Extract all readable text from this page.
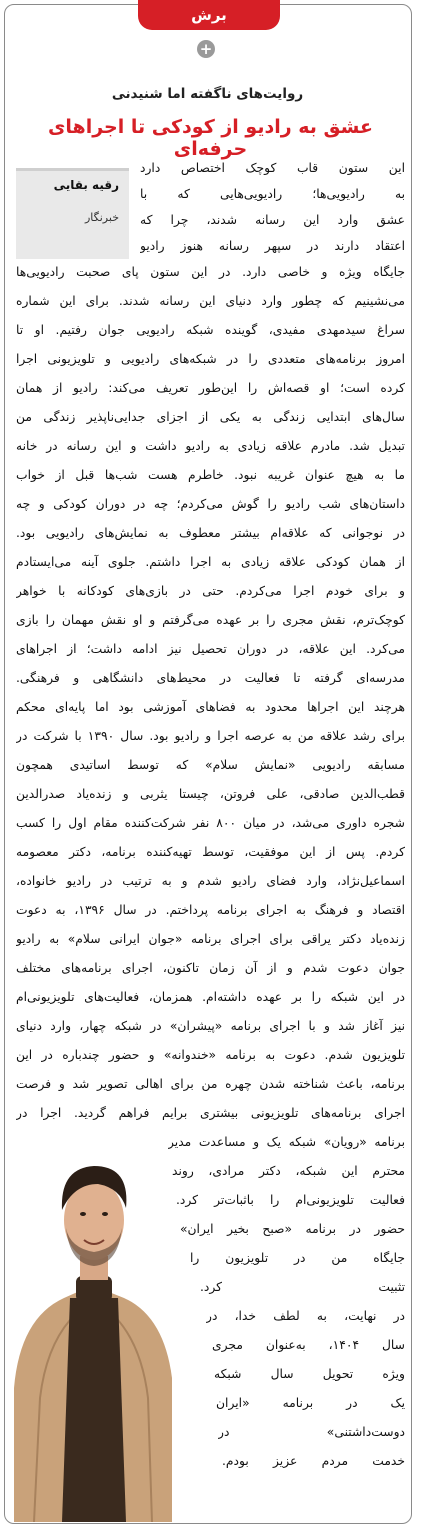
برش
+
روایت‌های ناگفته اما شنیدنی
عشق به رادیو از کودکی تا اجراهای حرفه‌ای
رقیه بقایی
خبرنگار
این ستون قاب کوچک اختصاص دارد
به رادیویی‌ها؛ رادیویی‌هایی که با
عشق وارد این رسانه شدند، چرا که
اعتقاد دارند در سپهر رسانه هنوز رادیو
جایگاه ویژه و خاصی دارد. در این ستون پای صحبت رادیویی‌ها
می‌نشینیم که چطور وارد دنیای این رسانه شدند. برای این شماره
سراغ سیدمهدی مفیدی، گوینده شبکه رادیویی جوان رفتیم. او تا
امروز برنامه‌های متعددی را در شبکه‌های رادیویی و تلویزیونی اجرا
کرده است؛ او قصه‌اش را این‌طور تعریف می‌کند: رادیو از همان
سال‌های ابتدایی زندگی به یکی از اجزای جدایی‌ناپذیر زندگی من
تبدیل شد. مادرم علاقه زیادی به رادیو داشت و این رسانه در خانه
ما به هیچ عنوان غریبه نبود. خاطرم هست شب‌ها قبل از خواب
داستان‌های شب رادیو را گوش می‌کردم؛ چه در دوران کودکی و چه
در نوجوانی که علاقه‌ام بیشتر معطوف به نمایش‌های رادیویی بود.
از همان کودکی علاقه زیادی به اجرا داشتم. جلوی آینه می‌ایستادم
و برای خودم اجرا می‌کردم. حتی در بازی‌های کودکانه با خواهر
کوچک‌ترم، نقش مجری را بر عهده می‌گرفتم و او نقش مهمان را بازی
می‌کرد. این علاقه، در دوران تحصیل نیز ادامه داشت؛ از اجراهای
مدرسه‌ای گرفته تا فعالیت در محیط‌های دانشگاهی و فرهنگی.
هرچند این اجراها محدود به فضاهای آموزشی بود اما پایه‌ای محکم
برای رشد علاقه من به عرصه اجرا و رادیو بود. سال ۱۳۹۰ با شرکت در
مسابقه رادیویی «نمایش سلام» که توسط اساتیدی همچون
قطب‌الدین صادقی، علی فروتن، چیستا یثربی و زنده‌یاد صدرالدین
شجره داوری می‌شد، در میان ۸۰۰ نفر شرکت‌کننده مقام اول را کسب
کردم. پس از این موفقیت، توسط تهیه‌کننده برنامه، دکتر معصومه
اسماعیل‌نژاد، وارد فضای رادیو شدم و به ترتیب در رادیو خانواده،
اقتصاد و فرهنگ به اجرای برنامه پرداختم. در سال ۱۳۹۶، به دعوت
زنده‌یاد دکتر یراقی برای اجرای برنامه «جوان ایرانی سلام» به رادیو
جوان دعوت شدم و از آن زمان تاکنون، اجرای برنامه‌های مختلف
در این شبکه را بر عهده داشته‌ام. همزمان، فعالیت‌های تلویزیونی‌ام
نیز آغاز شد و با اجرای برنامه «پیشران» در شبکه چهار، وارد دنیای
تلویزیون شدم. دعوت به برنامه «خندوانه» و حضور چندباره در این
برنامه، باعث شناخته شدن چهره من برای اهالی تصویر شد و فرصت
اجرای برنامه‌های تلویزیونی بیشتری برایم فراهم گردید. اجرا در
برنامه «رویان» شبکه یک و مساعدت مدیر
محترم این شبکه، دکتر مرادی، روند
فعالیت تلویزیونی‌ام را باثبات‌تر کرد.
حضور در برنامه «صبح بخیر ایران»
جایگاه من در تلویزیون را
تثبیت کرد.
در نهایت، به لطف خدا، در
سال ۱۴۰۴، به‌عنوان مجری
ویژه تحویل سال شبکه
یک در برنامه «ایران
دوست‌داشتنی» در
خدمت مردم عزیز بودم.
